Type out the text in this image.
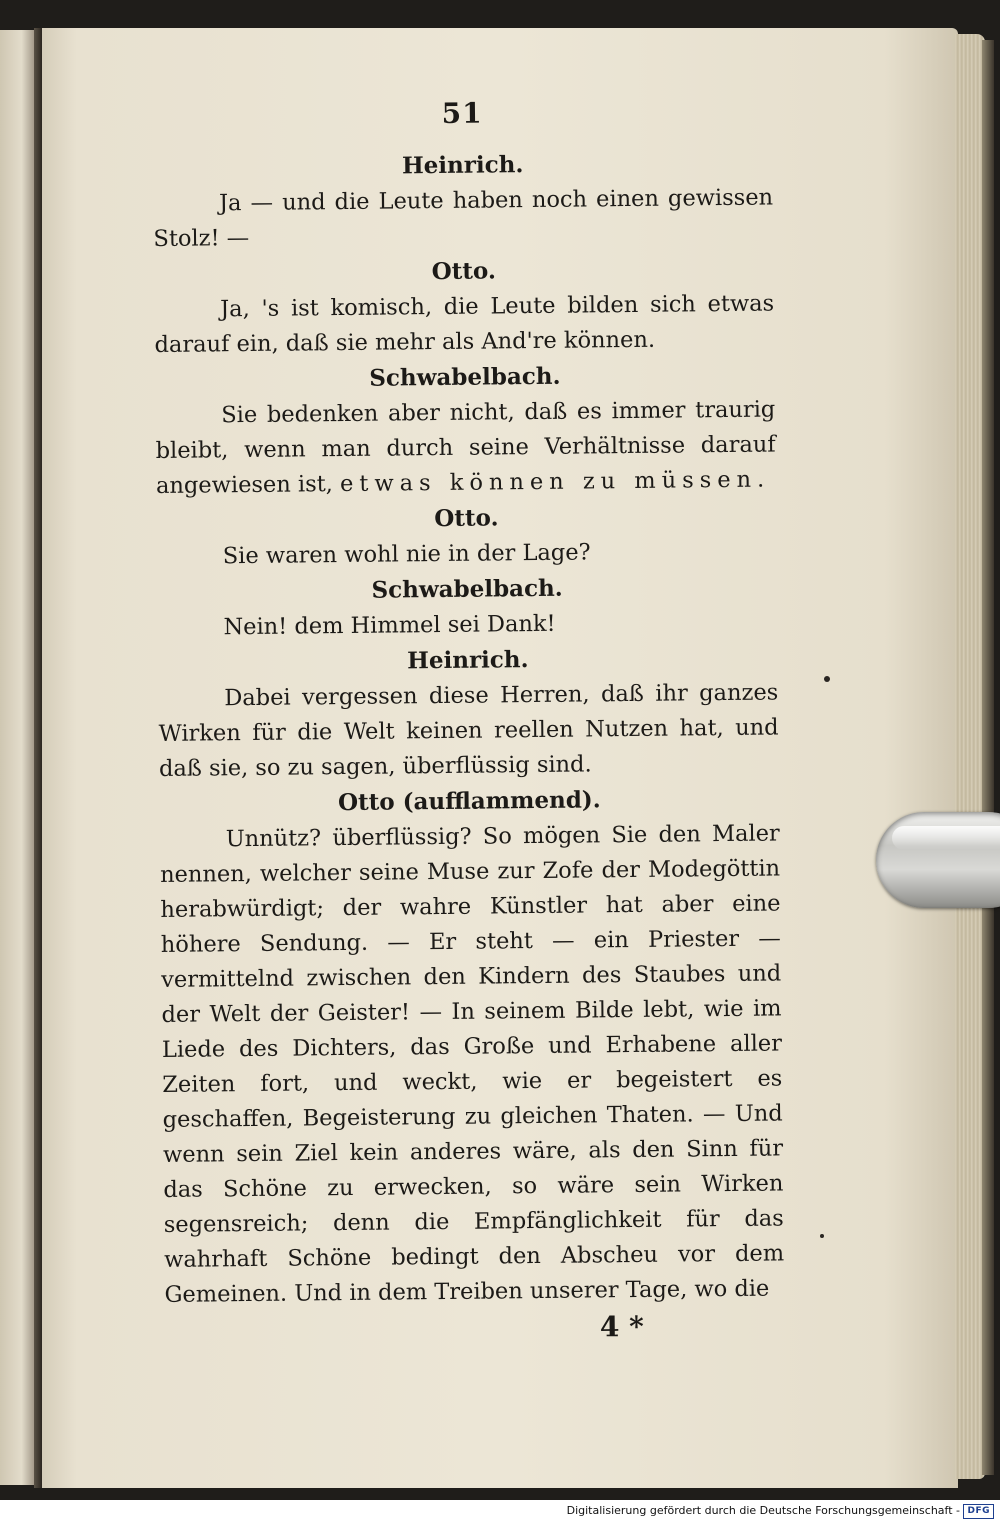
51
Heinrich.

Ja — und die Leute haben noch einen gewissen Stolz! —

Otto.

Ja, 's ist komisch, die Leute bilden sich etwas darauf ein, daß sie mehr als And're können.

Schwabelbach.

Sie bedenken aber nicht, daß es immer traurig bleibt, wenn man durch seine Verhältnisse darauf angewiesen ist, etwas können zu müssen.

Otto.

Sie waren wohl nie in der Lage?

Schwabelbach.

Nein! dem Himmel sei Dank!

Heinrich.

Dabei vergessen diese Herren, daß ihr ganzes Wirken für die Welt keinen reellen Nutzen hat, und daß sie, so zu sagen, überflüssig sind.

Otto (aufflammend).

Unnütz? überflüssig? So mögen Sie den Maler nennen, welcher seine Muse zur Zofe der Modegöttin herabwürdigt; der wahre Künstler hat aber eine höhere Sendung. — Er steht — ein Priester — vermittelnd zwischen den Kindern des Staubes und der Welt der Geister! — In seinem Bilde lebt, wie im Liede des Dichters, das Große und Erhabene aller Zeiten fort, und weckt, wie er begeistert es geschaffen, Begeisterung zu gleichen Thaten. — Und wenn sein Ziel kein anderes wäre, als den Sinn für das Schöne zu erwecken, so wäre sein Wirken segensreich; denn die Empfänglichkeit für das wahrhaft Schöne bedingt den Abscheu vor dem Gemeinen. Und in dem Treiben unserer Tage, wo die

4 *
Digitalisierung gefördert durch die Deutsche Forschungsgemeinschaft - DFG
